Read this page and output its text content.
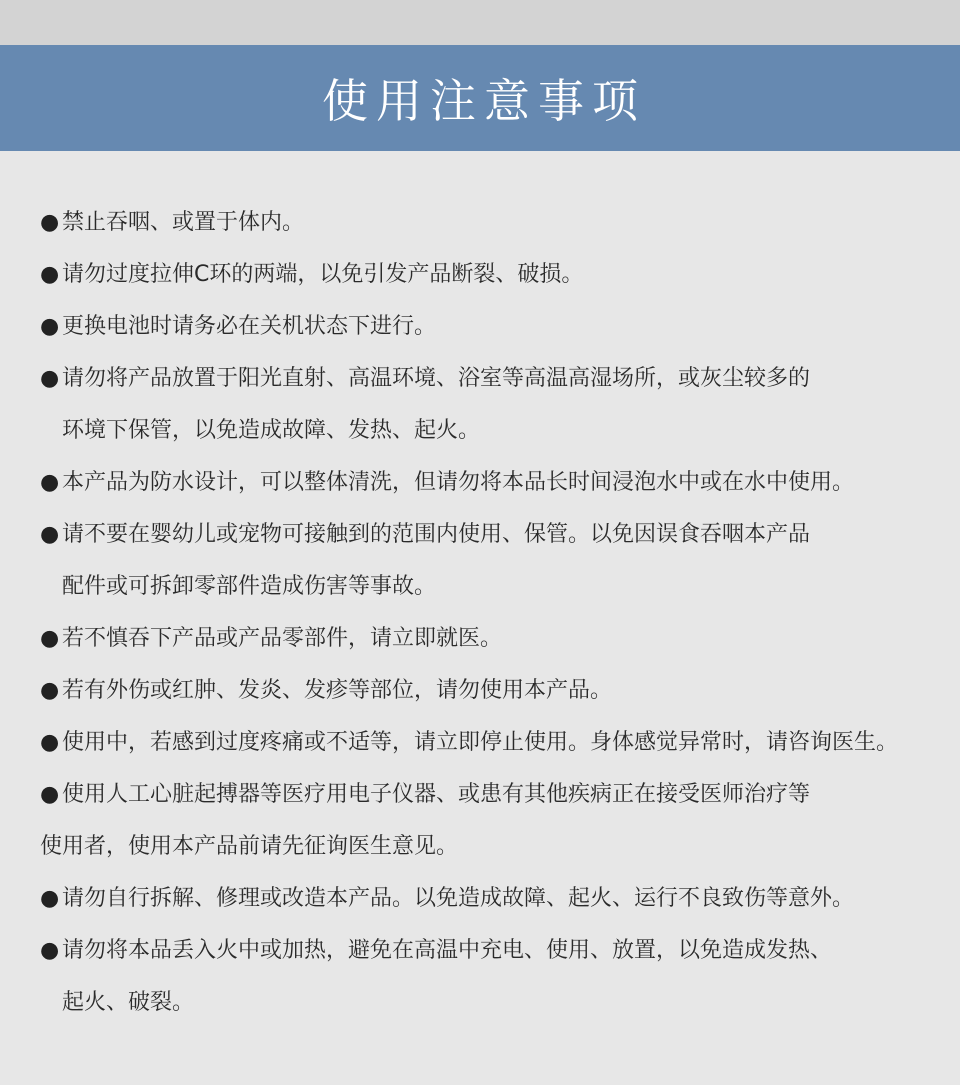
使用注意事项
● 禁止吞咽、或置于体内。
● 请勿过度拉伸C环的两端，以免引发产品断裂、破损。
● 更换电池时请务必在关机状态下进行。
● 请勿将产品放置于阳光直射、高温环境、浴室等高温高湿场所，或灰尘较多的
环境下保管，以免造成故障、发热、起火。
● 本产品为防水设计，可以整体清洗，但请勿将本品长时间浸泡水中或在水中使用。
● 请不要在婴幼儿或宠物可接触到的范围内使用、保管。以免因误食吞咽本产品
配件或可拆卸零部件造成伤害等事故。
● 若不慎吞下产品或产品零部件，请立即就医。
● 若有外伤或红肿、发炎、发疹等部位，请勿使用本产品。
● 使用中，若感到过度疼痛或不适等，请立即停止使用。身体感觉异常时，请咨询医生。
● 使用人工心脏起搏器等医疗用电子仪器、或患有其他疾病正在接受医师治疗等
使用者，使用本产品前请先征询医生意见。
● 请勿自行拆解、修理或改造本产品。以免造成故障、起火、运行不良致伤等意外。
● 请勿将本品丢入火中或加热，避免在高温中充电、使用、放置，以免造成发热、
起火、破裂。
